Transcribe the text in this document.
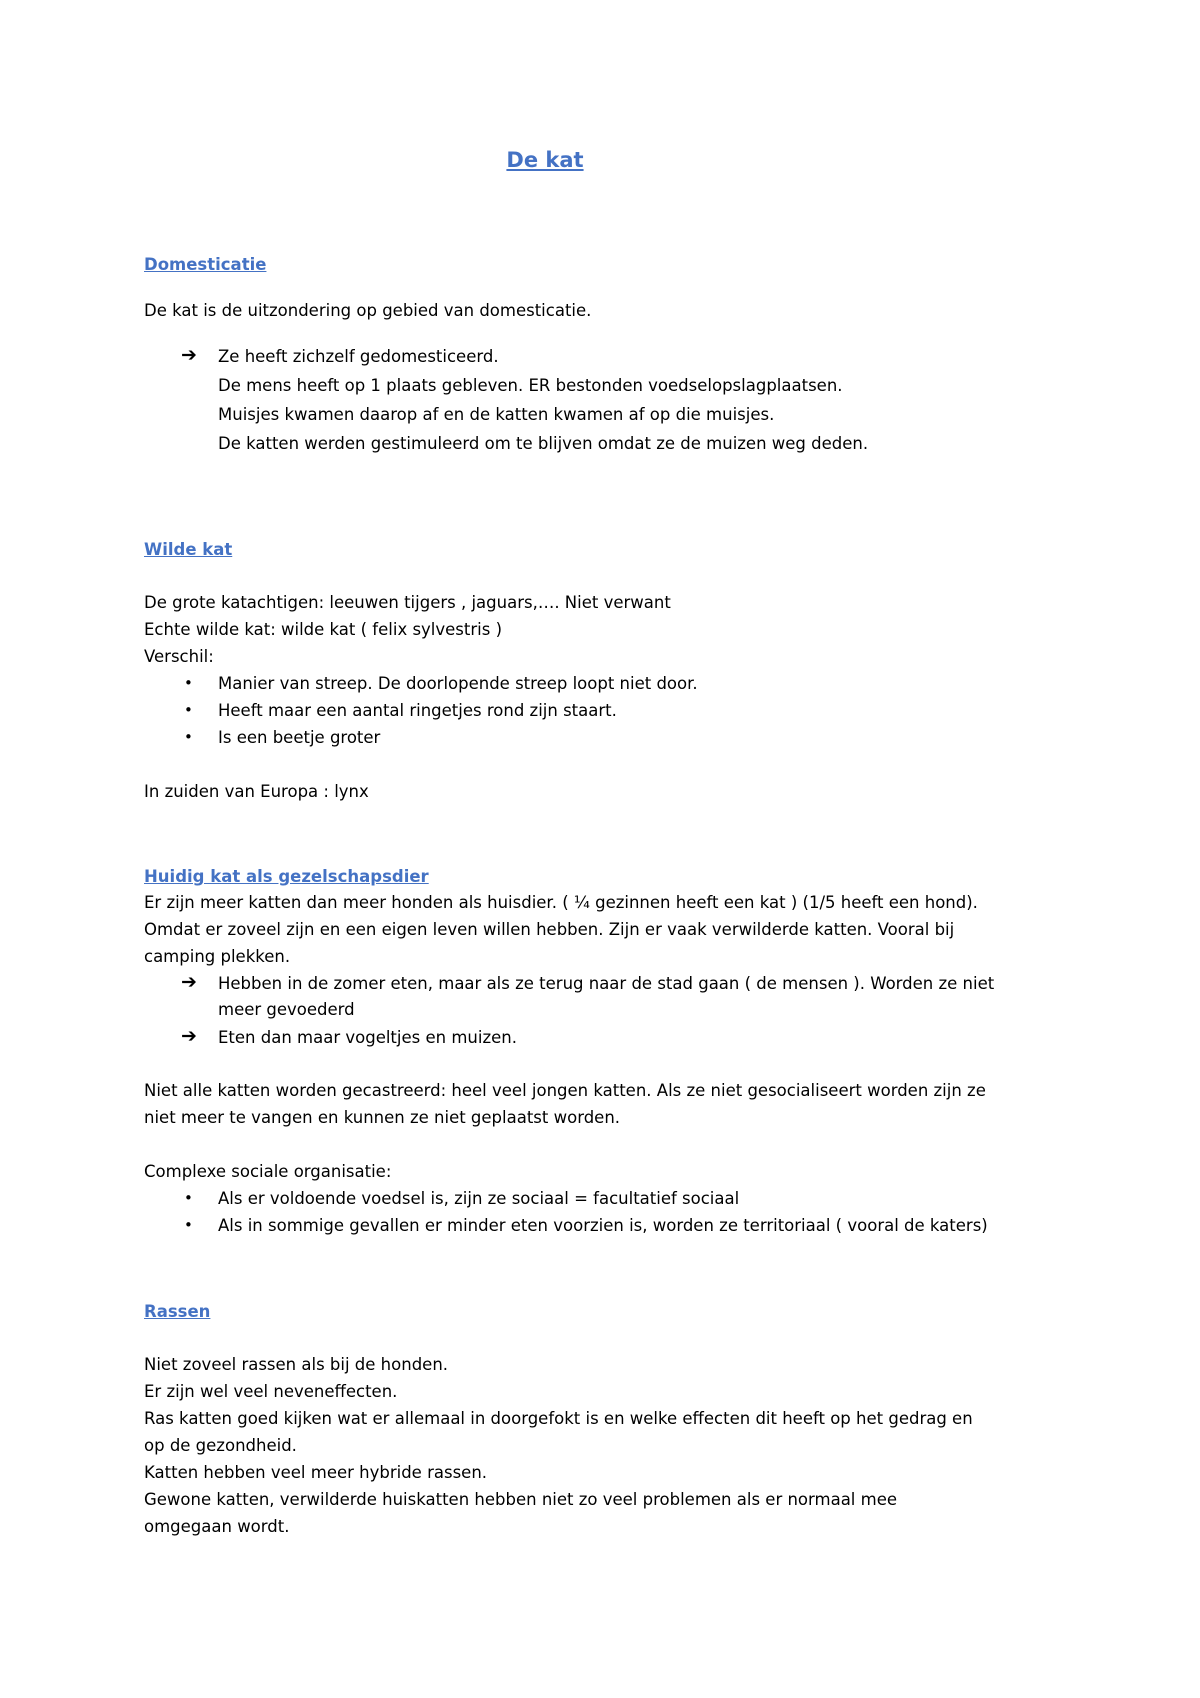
De kat
Domesticatie
De kat is de uitzondering op gebied van domesticatie.
➔ Ze heeft zichzelf gedomesticeerd.
De mens heeft op 1 plaats gebleven. ER bestonden voedselopslagplaatsen.
Muisjes kwamen daarop af en de katten kwamen af op die muisjes.
De katten werden gestimuleerd om te blijven omdat ze de muizen weg deden.
Wilde kat
De grote katachtigen: leeuwen tijgers , jaguars,…. Niet verwant
Echte wilde kat: wilde kat ( felix sylvestris )
Verschil:
• Manier van streep. De doorlopende streep loopt niet door.
• Heeft maar een aantal ringetjes rond zijn staart.
• Is een beetje groter
In zuiden van Europa : lynx
Huidig kat als gezelschapsdier
Er zijn meer katten dan meer honden als huisdier. ( ¼ gezinnen heeft een kat ) (1/5 heeft een hond).
Omdat er zoveel zijn en een eigen leven willen hebben. Zijn er vaak verwilderde katten. Vooral bij
camping plekken.
➔ Hebben in de zomer eten, maar als ze terug naar de stad gaan ( de mensen ). Worden ze niet
meer gevoederd
➔ Eten dan maar vogeltjes en muizen.
Niet alle katten worden gecastreerd: heel veel jongen katten. Als ze niet gesocialiseert worden zijn ze
niet meer te vangen en kunnen ze niet geplaatst worden.
Complexe sociale organisatie:
• Als er voldoende voedsel is, zijn ze sociaal = facultatief sociaal
• Als in sommige gevallen er minder eten voorzien is, worden ze territoriaal ( vooral de katers)
Rassen
Niet zoveel rassen als bij de honden.
Er zijn wel veel neveneffecten.
Ras katten goed kijken wat er allemaal in doorgefokt is en welke effecten dit heeft op het gedrag en
op de gezondheid.
Katten hebben veel meer hybride rassen.
Gewone katten, verwilderde huiskatten hebben niet zo veel problemen als er normaal mee
omgegaan wordt.
